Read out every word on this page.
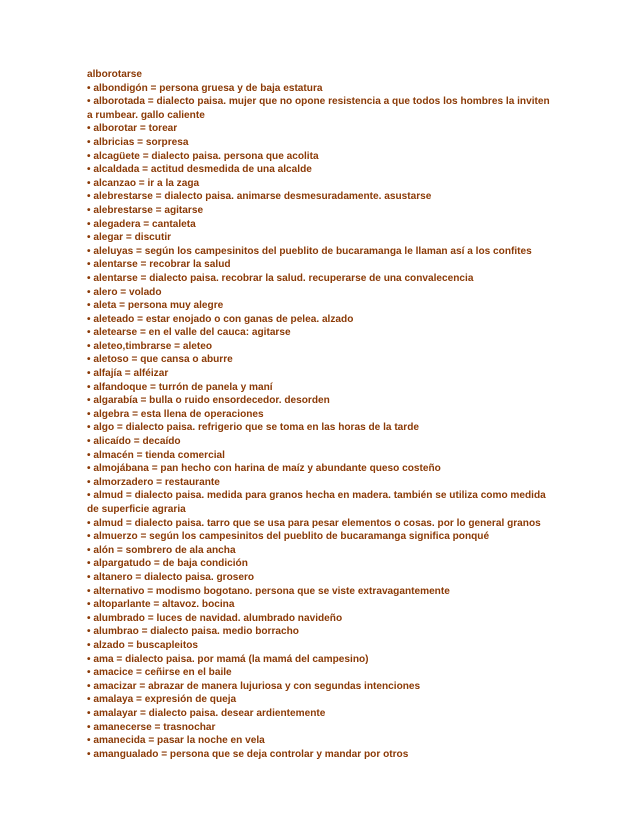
alborotarse

• albondigón = persona gruesa y de baja estatura

• alborotada = dialecto paisa. mujer que no opone resistencia a que todos los hombres la inviten a rumbear. gallo caliente

• alborotar = torear

• albricias = sorpresa

• alcagüete = dialecto paisa. persona que acolita

• alcaldada = actitud desmedida de una alcalde

• alcanzao = ir a la zaga

• alebrestarse = dialecto paisa. animarse desmesuradamente. asustarse

• alebrestarse = agitarse

• alegadera = cantaleta

• alegar = discutir

• aleluyas = según los campesinitos del pueblito de bucaramanga le llaman así a los confites

• alentarse = recobrar la salud

• alentarse = dialecto paisa. recobrar la salud. recuperarse de una convalecencia

• alero = volado

• aleta = persona muy alegre

• aleteado = estar enojado o con ganas de pelea. alzado

• aletearse = en el valle del cauca: agitarse

• aleteo,timbrarse = aleteo

• aletoso = que cansa o aburre

• alfajía = alféizar

• alfandoque = turrón de panela y maní

• algarabía = bulla o ruido ensordecedor. desorden

• algebra = esta llena de operaciones

• algo = dialecto paisa. refrigerio que se toma en las horas de la tarde

• alicaído = decaído

• almacén = tienda comercial

• almojábana = pan hecho con harina de maíz y abundante queso costeño

• almorzadero = restaurante

• almud = dialecto paisa. medida para granos hecha en madera. también se utiliza como medida de superficie agraria

• almud = dialecto paisa. tarro que se usa para pesar elementos o cosas. por lo general granos

• almuerzo = según los campesinitos del pueblito de bucaramanga significa ponqué

• alón = sombrero de ala ancha

• alpargatudo = de baja condición

• altanero = dialecto paisa. grosero

• alternativo = modismo bogotano. persona que se viste extravagantemente

• altoparlante = altavoz. bocina

• alumbrado = luces de navidad. alumbrado navideño

• alumbrao = dialecto paisa. medio borracho

• alzado = buscapleitos

• ama = dialecto paisa. por mamá (la mamá del campesino)

• amacice = ceñirse en el baile

• amacizar = abrazar de manera lujuriosa y con segundas intenciones

• amalaya = expresión de queja

• amalayar = dialecto paisa. desear ardientemente

• amanecerse = trasnochar

• amanecida = pasar la noche en vela

• amangualado = persona que se deja controlar y mandar por otros
